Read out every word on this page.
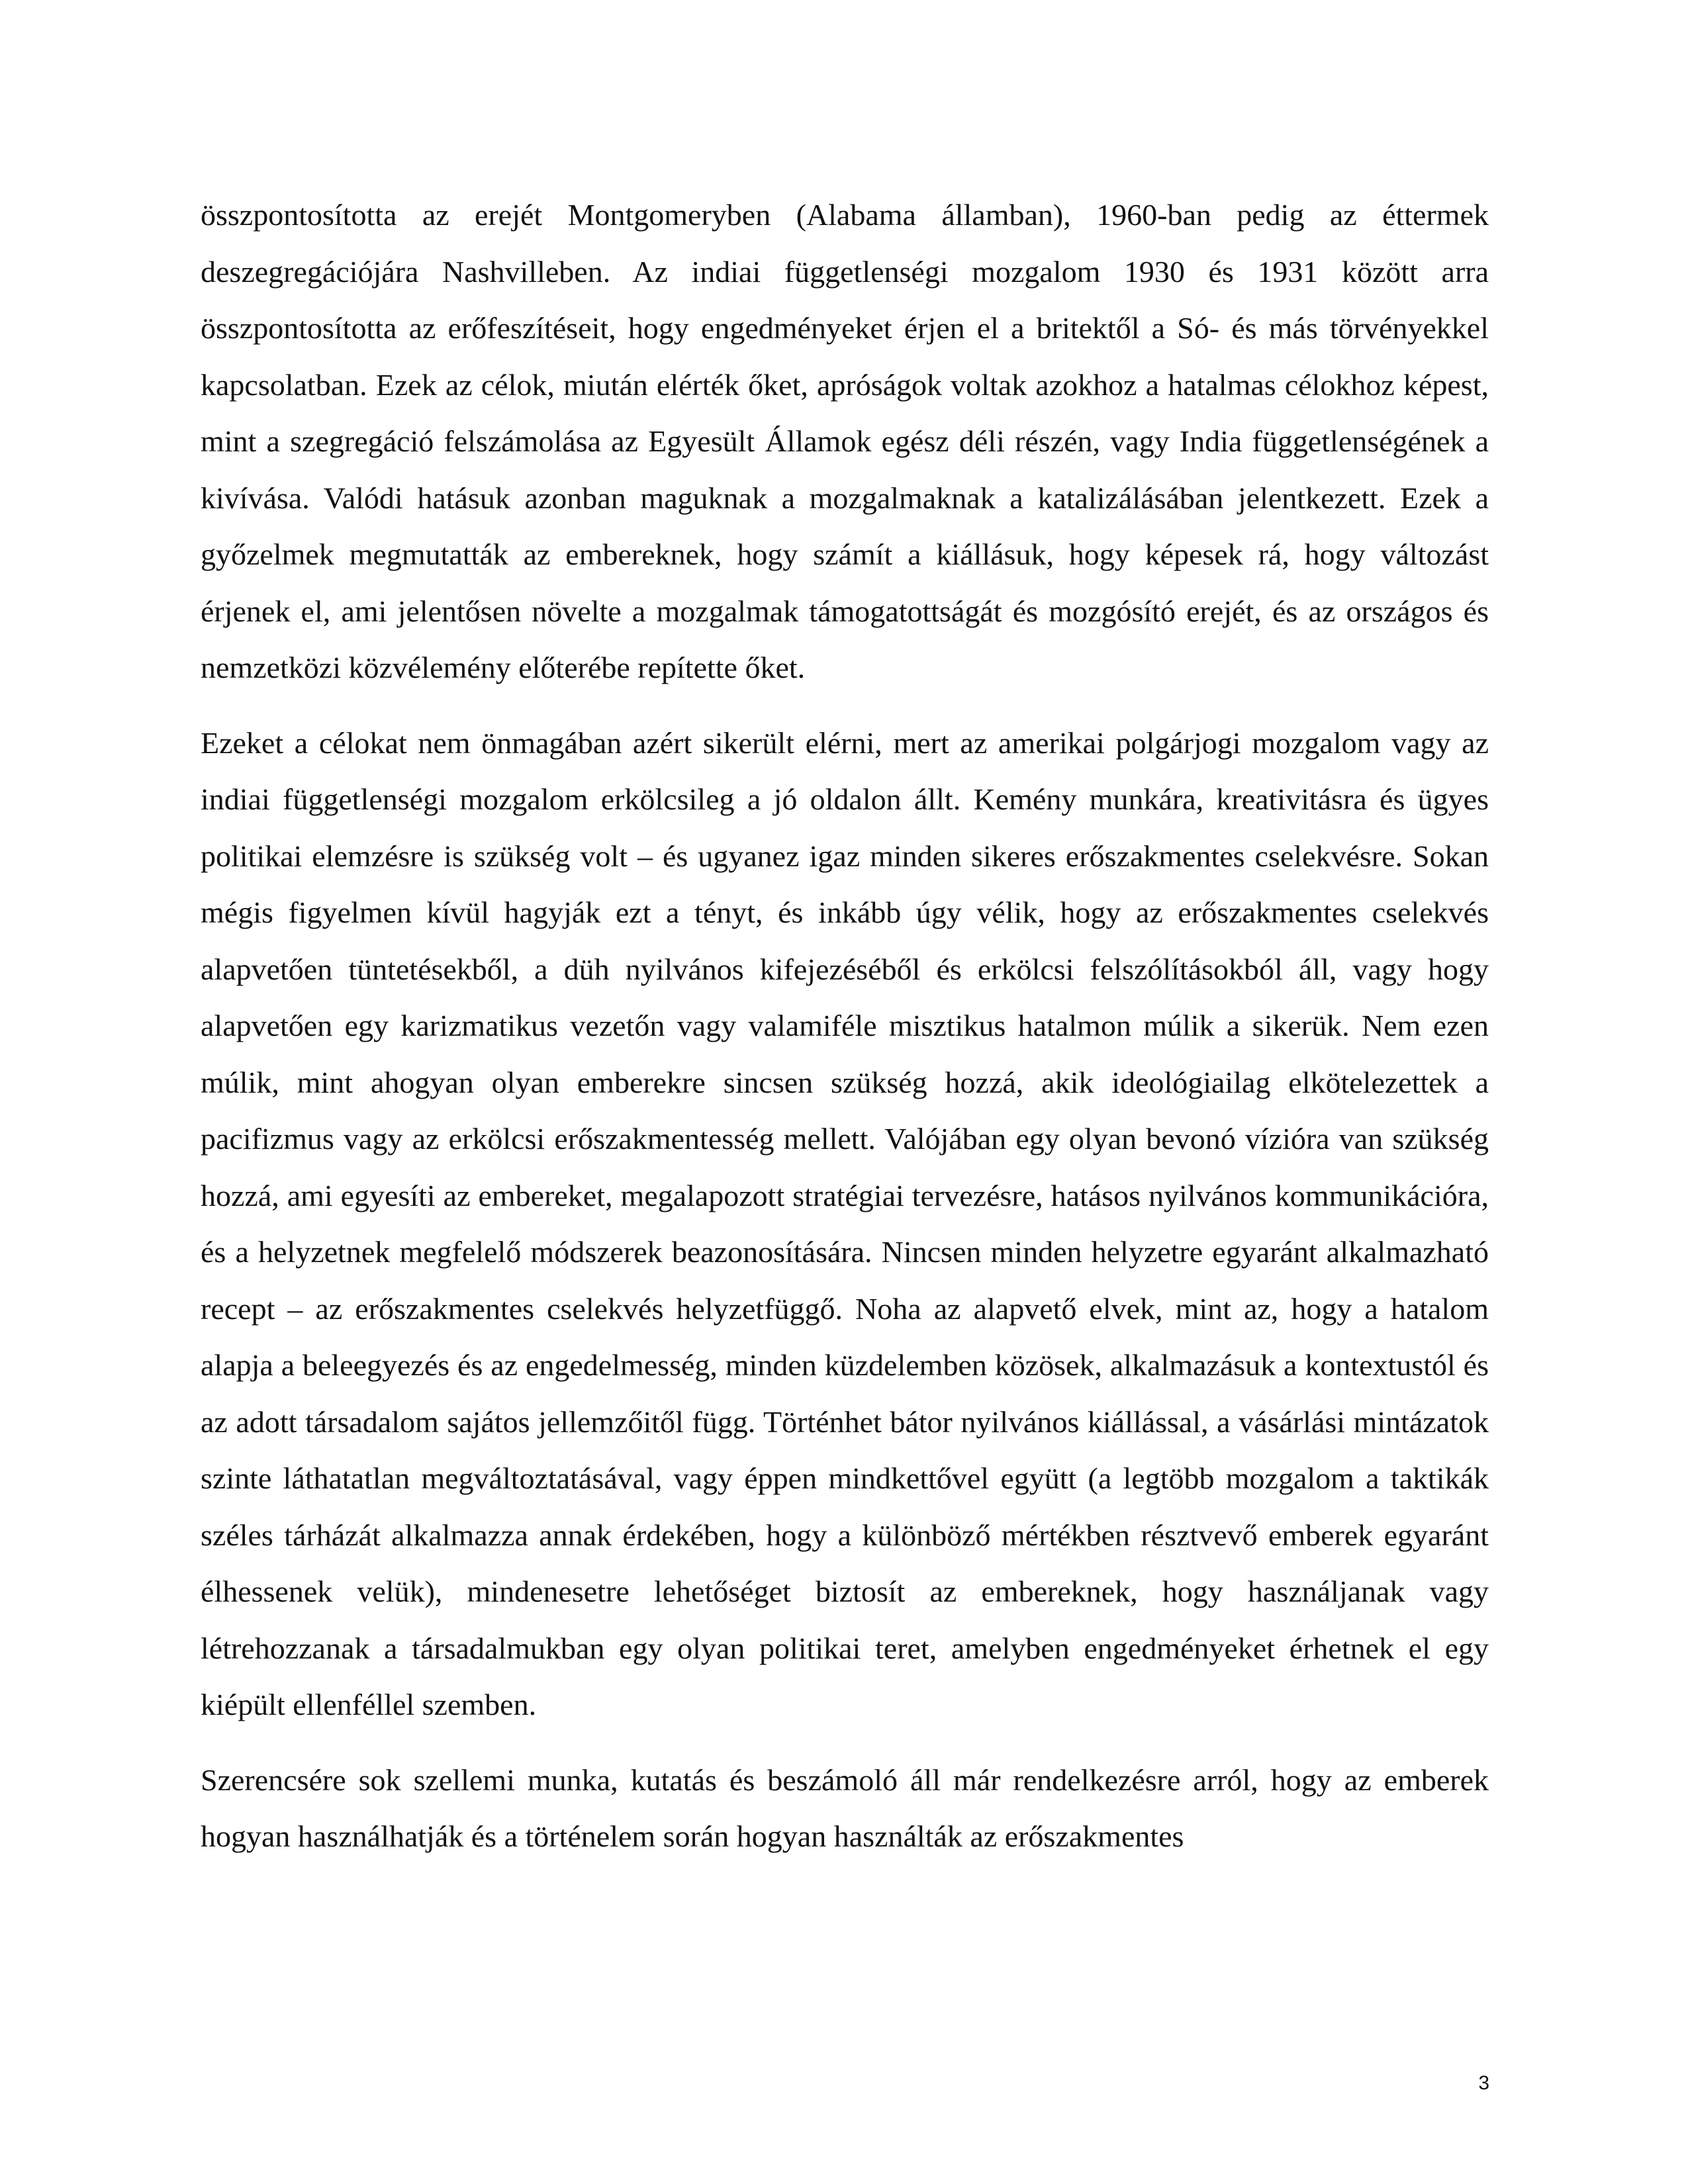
összpontosította az erejét Montgomeryben (Alabama államban), 1960-ban pedig az éttermek deszegregációjára Nashvilleben. Az indiai függetlenségi mozgalom 1930 és 1931 között arra összpontosította az erőfeszítéseit, hogy engedményeket érjen el a britektől a Só- és más törvényekkel kapcsolatban. Ezek az célok, miután elérték őket, apróságok voltak azokhoz a hatalmas célokhoz képest, mint a szegregáció felszámolása az Egyesült Államok egész déli részén, vagy India függetlenségének a kivívása. Valódi hatásuk azonban maguknak a mozgalmaknak a katalizálásában jelentkezett. Ezek a győzelmek megmutatták az embereknek, hogy számít a kiállásuk, hogy képesek rá, hogy változást érjenek el, ami jelentősen növelte a mozgalmak támogatottságát és mozgósító erejét, és az országos és nemzetközi közvélemény előterébe repítette őket.

Ezeket a célokat nem önmagában azért sikerült elérni, mert az amerikai polgárjogi mozgalom vagy az indiai függetlenségi mozgalom erkölcsileg a jó oldalon állt. Kemény munkára, kreativitásra és ügyes politikai elemzésre is szükség volt – és ugyanez igaz minden sikeres erőszakmentes cselekvésre. Sokan mégis figyelmen kívül hagyják ezt a tényt, és inkább úgy vélik, hogy az erőszakmentes cselekvés alapvetően tüntetésekből, a düh nyilvános kifejezéséből és erkölcsi felszólításokból áll, vagy hogy alapvetően egy karizmatikus vezetőn vagy valamiféle misztikus hatalmon múlik a sikerük. Nem ezen múlik, mint ahogyan olyan emberekre sincsen szükség hozzá, akik ideológiailag elkötelezettek a pacifizmus vagy az erkölcsi erőszakmentesség mellett. Valójában egy olyan bevonó vízióra van szükség hozzá, ami egyesíti az embereket, megalapozott stratégiai tervezésre, hatásos nyilvános kommunikációra, és a helyzetnek megfelelő módszerek beazonosítására. Nincsen minden helyzetre egyaránt alkalmazható recept – az erőszakmentes cselekvés helyzetfüggő. Noha az alapvető elvek, mint az, hogy a hatalom alapja a beleegyezés és az engedelmesség, minden küzdelemben közösek, alkalmazásuk a kontextustól és az adott társadalom sajátos jellemzőitől függ. Történhet bátor nyilvános kiállással, a vásárlási mintázatok szinte láthatatlan megváltoztatásával, vagy éppen mindkettővel együtt (a legtöbb mozgalom a taktikák széles tárházát alkalmazza annak érdekében, hogy a különböző mértékben résztvevő emberek egyaránt élhessenek velük), mindenesetre lehetőséget biztosít az embereknek, hogy használjanak vagy létrehozzanak a társadalmukban egy olyan politikai teret, amelyben engedményeket érhetnek el egy kiépült ellenféllel szemben.

Szerencsére sok szellemi munka, kutatás és beszámoló áll már rendelkezésre arról, hogy az emberek hogyan használhatják és a történelem során hogyan használták az erőszakmentes

3
